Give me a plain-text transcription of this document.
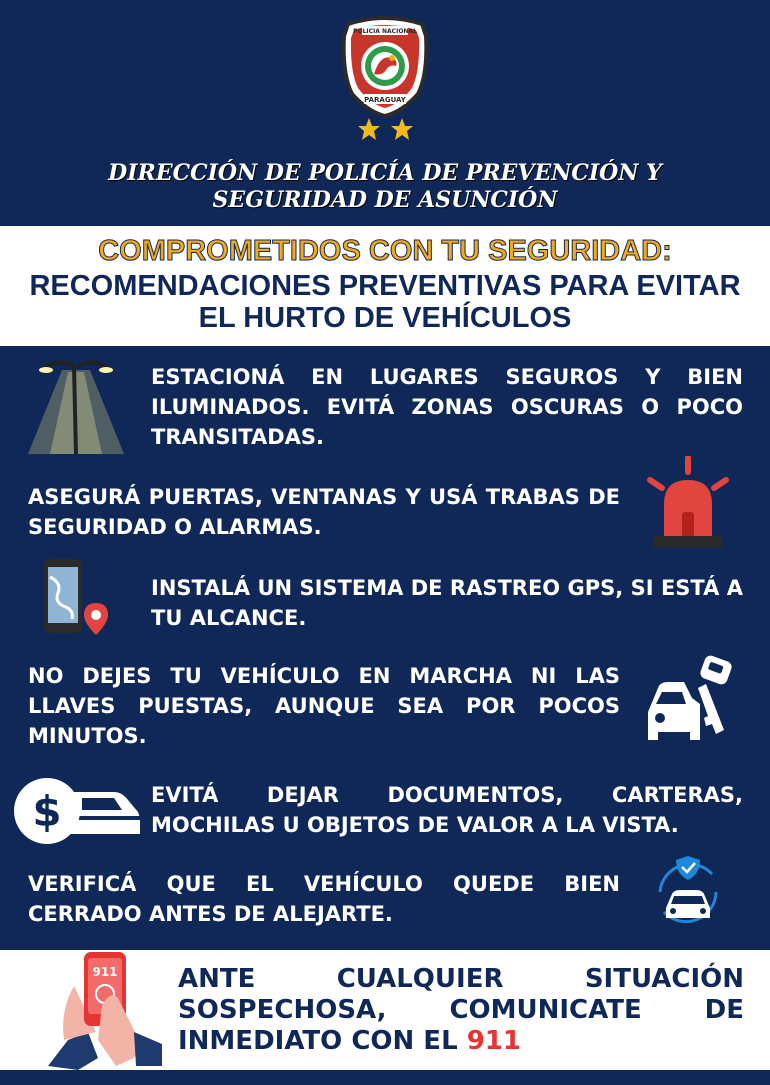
POLICIA NACIONAL
PARAGUAY
DIRECCIÓN DE POLICÍA DE PREVENCIÓN Y
SEGURIDAD DE ASUNCIÓN
COMPROMETIDOS CON TU SEGURIDAD:
RECOMENDACIONES PREVENTIVAS PARA EVITAR
EL HURTO DE VEHÍCULOS
ESTACIONÁ EN LUGARES SEGUROS Y BIEN ILUMINADOS. EVITÁ ZONAS OSCURAS O POCO TRANSITADAS.
ASEGURÁ PUERTAS, VENTANAS Y USÁ TRABAS DE SEGURIDAD O ALARMAS.
INSTALÁ UN SISTEMA DE RASTREO GPS, SI ESTÁ A TU ALCANCE.
NO DEJES TU VEHÍCULO EN MARCHA NI LAS LLAVES PUESTAS, AUNQUE SEA POR POCOS MINUTOS.
$	EVITÁ DEJAR DOCUMENTOS, CARTERAS, MOCHILAS U OBJETOS DE VALOR A LA VISTA.
VERIFICÁ QUE EL VEHÍCULO QUEDE BIEN CERRADO ANTES DE ALEJARTE.
911 ANTE CUALQUIER SITUACIÓN SOSPECHOSA, COMUNICATE DE INMEDIATO CON EL 911
